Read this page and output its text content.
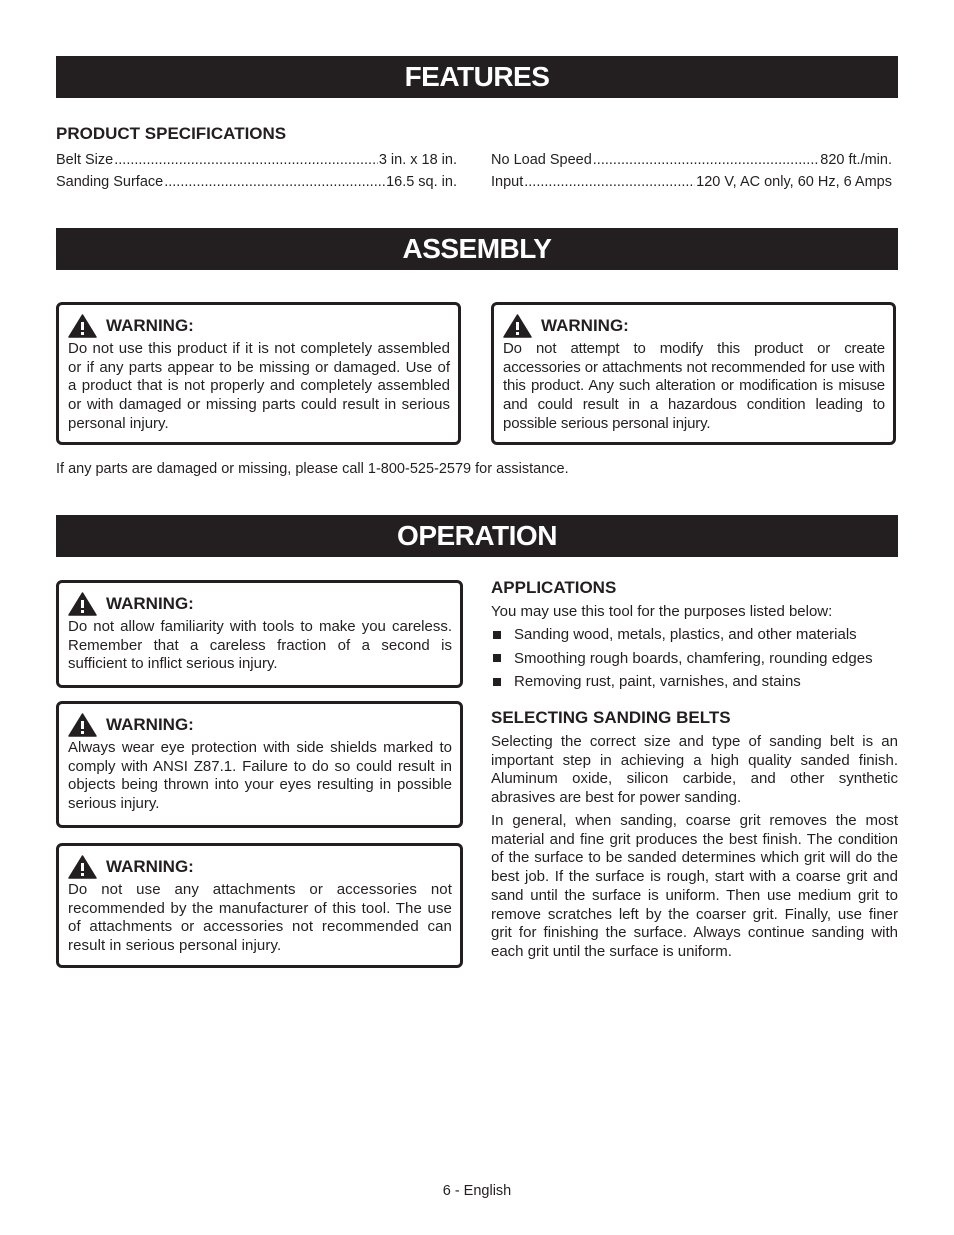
FEATURES
PRODUCT SPECIFICATIONS
Belt Size .....	3 in. x 18 in.
Sanding Surface .....	16.5 sq. in.
No Load Speed .....	820 ft./min.
Input .....	120 V, AC only, 60 Hz, 6 Amps
ASSEMBLY
WARNING:
Do not use this product if it is not completely assembled or if any parts appear to be missing or damaged. Use of a product that is not properly and completely assembled or with damaged or missing parts could result in serious personal injury.
WARNING:
Do not attempt to modify this product or create accessories or attachments not recommended for use with this product. Any such alteration or modification is misuse and could result in a hazardous condition leading to possible serious personal injury.
If any parts are damaged or missing, please call 1-800-525-2579 for assistance.
OPERATION
WARNING:
Do not allow familiarity with tools to make you careless. Remember that a careless fraction of a second is sufficient to inflict serious injury.
WARNING:
Always wear eye protection with side shields marked to comply with ANSI Z87.1. Failure to do so could result in objects being thrown into your eyes resulting in possible serious injury.
WARNING:
Do not use any attachments or accessories not recommended by the manufacturer of this tool. The use of attachments or accessories not recommended can result in serious personal injury.
APPLICATIONS
You may use this tool for the purposes listed below:
Sanding wood, metals, plastics, and other materials
Smoothing rough boards, chamfering, rounding edges
Removing rust, paint, varnishes, and stains
SELECTING SANDING BELTS
Selecting the correct size and type of sanding belt is an important step in achieving a high quality sanded finish. Aluminum oxide, silicon carbide, and other synthetic abrasives are best for power sanding.
In general, when sanding, coarse grit removes the most material and fine grit produces the best finish. The condition of the surface to be sanded determines which grit will do the best job. If the surface is rough, start with a coarse grit and sand until the surface is uniform. Then use medium grit to remove scratches left by the coarser grit. Finally, use finer grit for finishing the surface. Always continue sanding with each grit until the surface is uniform.
6 - English
